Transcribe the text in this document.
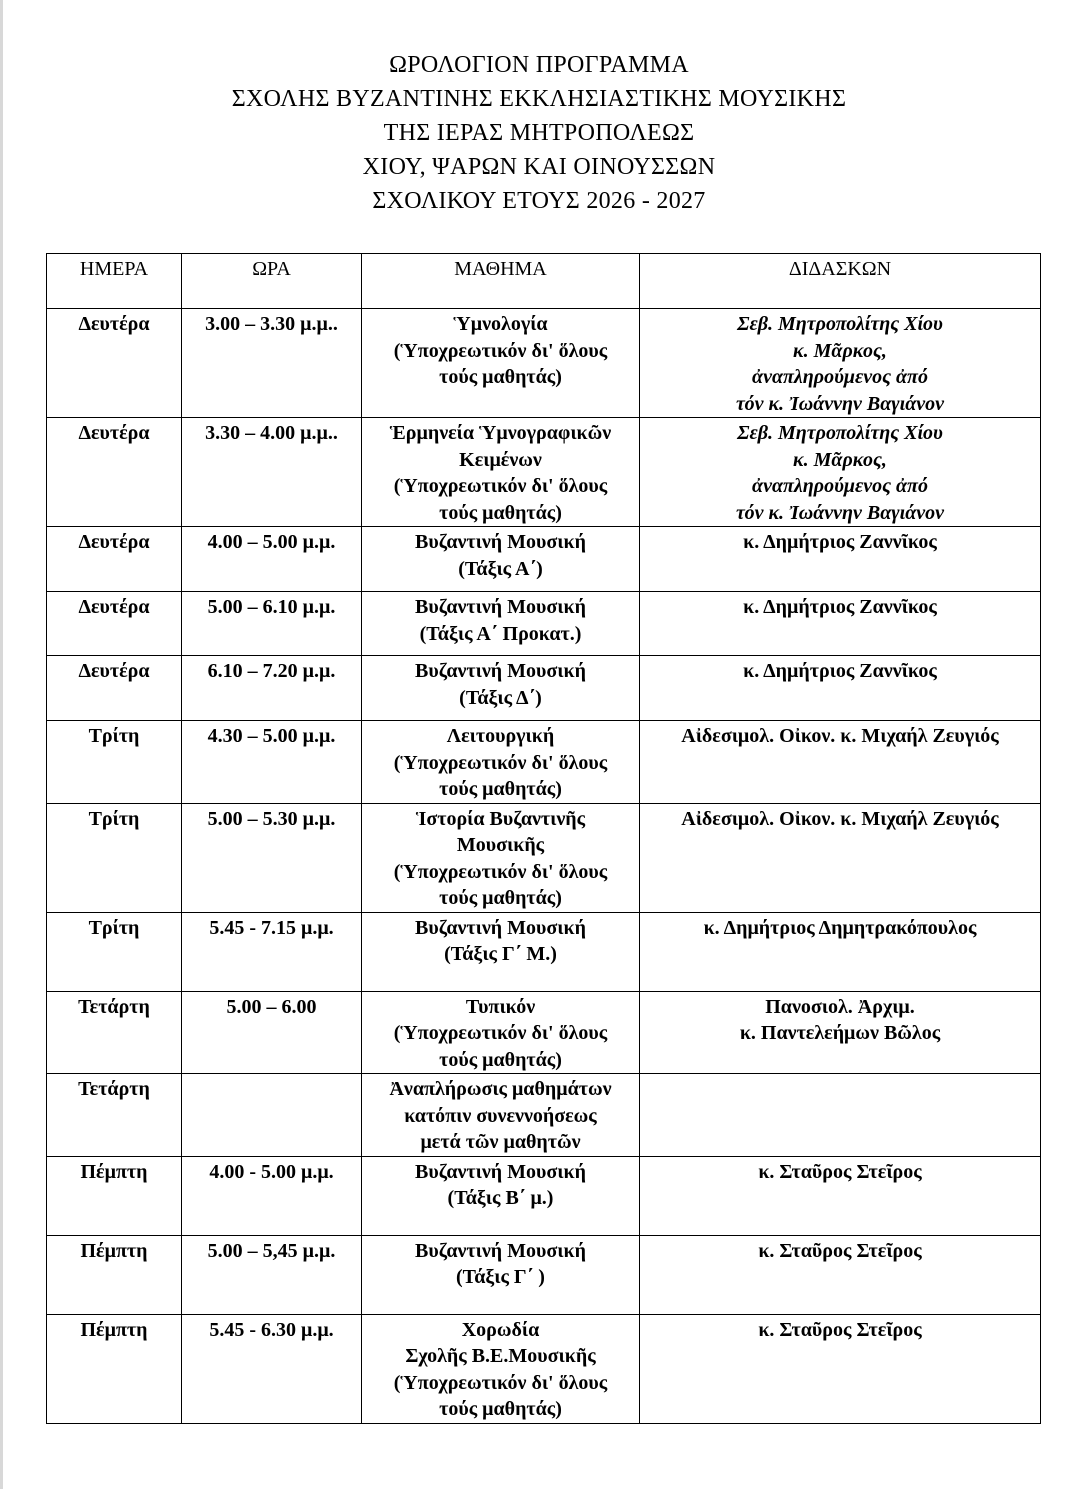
ΩΡΟΛΟΓΙΟΝ ΠΡΟΓΡΑΜΜΑ
ΣΧΟΛΗΣ ΒΥΖΑΝΤΙΝΗΣ ΕΚΚΛΗΣΙΑΣΤΙΚΗΣ ΜΟΥΣΙΚΗΣ
ΤΗΣ ΙΕΡΑΣ ΜΗΤΡΟΠΟΛΕΩΣ
ΧΙΟΥ, ΨΑΡΩΝ ΚΑΙ ΟΙΝΟΥΣΣΩΝ
ΣΧΟΛΙΚΟΥ ΕΤΟΥΣ 2026 - 2027
ΗΜΕΡΑ	ΩΡΑ	ΜΑΘΗΜΑ	ΔΙΔΑΣΚΩΝ
Δευτέρα	3.00 – 3.30 μ.μ..	Ὑμνολογία
(Ὑποχρεωτικόν δι' ὅλους
τούς μαθητάς)	Σεβ. Μητροπολίτης Χίου
κ. Μᾶρκος,
ἀναπληρούμενος ἀπό
τόν κ. Ἰωάννην Βαγιάνον

Δευτέρα	3.30 – 4.00 μ.μ..	Ἑρμηνεία Ὑμνογραφικῶν
Κειμένων
(Ὑποχρεωτικόν δι' ὅλους
τούς μαθητάς)	Σεβ. Μητροπολίτης Χίου
κ. Μᾶρκος,
ἀναπληρούμενος ἀπό
τόν κ. Ἰωάννην Βαγιάνον

Δευτέρα	4.00 – 5.00 μ.μ.	Βυζαντινή Μουσική
(Τάξις Α΄)	κ. Δημήτριος Ζαννῖκος

Δευτέρα	5.00 – 6.10 μ.μ.	Βυζαντινή Μουσική
(Τάξις Α΄ Προκατ.)	κ. Δημήτριος Ζαννῖκος

Δευτέρα	6.10 – 7.20 μ.μ.	Βυζαντινή Μουσική
(Τάξις Δ΄)	κ. Δημήτριος Ζαννῖκος

Τρίτη	4.30 – 5.00 μ.μ.	Λειτουργική
(Ὑποχρεωτικόν δι' ὅλους
τούς μαθητάς)	Αἰδεσιμολ. Οἰκον. κ. Μιχαήλ Ζευγιός

Τρίτη	5.00 – 5.30 μ.μ.	Ἱστορία Βυζαντινῆς
Μουσικῆς
(Ὑποχρεωτικόν δι' ὅλους
τούς μαθητάς)	Αἰδεσιμολ. Οἰκον. κ. Μιχαήλ Ζευγιός

Τρίτη	5.45 - 7.15 μ.μ.	Βυζαντινή Μουσική
(Τάξις Γ΄ Μ.)	κ. Δημήτριος Δημητρακόπουλος

Τετάρτη	5.00 – 6.00	Τυπικόν
(Ὑποχρεωτικόν δι' ὅλους
τούς μαθητάς)	Πανοσιολ. Ἀρχιμ.
κ. Παντελεήμων Βῶλος

Τετάρτη		Ἀναπλήρωσις μαθημάτων
κατόπιν συνεννοήσεως
μετά τῶν μαθητῶν	

Πέμπτη	4.00 - 5.00 μ.μ.	Βυζαντινή Μουσική
(Τάξις Β΄ μ.)	κ. Σταῦρος Στεῖρος

Πέμπτη	5.00 – 5,45 μ.μ.	Βυζαντινή Μουσική
(Τάξις Γ΄ )	κ. Σταῦρος Στεῖρος

Πέμπτη	5.45 - 6.30 μ.μ.	Χορωδία
Σχολῆς Β.Ε.Μουσικῆς
(Ὑποχρεωτικόν δι' ὅλους
τούς μαθητάς)	κ. Σταῦρος Στεῖρος
